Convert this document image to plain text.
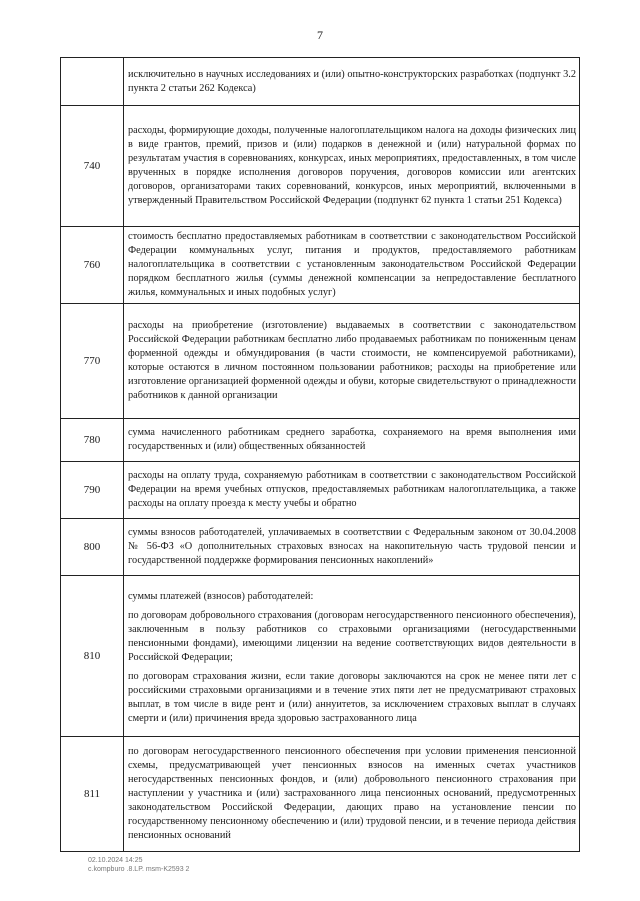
7

	исключительно в научных исследованиях и (или) опытно-конструкторских разработках (подпункт 3.2 пункта 2 статьи 262 Кодекса)

740	расходы, формирующие доходы, полученные налогоплательщиком налога на доходы физических лиц в виде грантов, премий, призов и (или) подарков в денежной и (или) натуральной формах по результатам участия в соревнованиях, конкурсах, иных мероприятиях, предоставленных, в том числе врученных в порядке исполнения договоров поручения, договоров комиссии или агентских договоров, организаторами таких соревнований, конкурсов, иных мероприятий, включенными в утвержденный Правительством Российской Федерации (подпункт 62 пункта 1 статьи 251 Кодекса)

760	стоимость бесплатно предоставляемых работникам в соответствии с законодательством Российской Федерации коммунальных услуг, питания и продуктов, предоставляемого работникам налогоплательщика в соответствии с установленным законодательством Российской Федерации порядком бесплатного жилья (суммы денежной компенсации за непредоставление бесплатного жилья, коммунальных и иных подобных услуг)

770	расходы на приобретение (изготовление) выдаваемых в соответствии с законодательством Российской Федерации работникам бесплатно либо продаваемых работникам по пониженным ценам форменной одежды и обмундирования (в части стоимости, не компенсируемой работниками), которые остаются в личном постоянном пользовании работников; расходы на приобретение или изготовление организацией форменной одежды и обуви, которые свидетельствуют о принадлежности работников к данной организации

780	сумма начисленного работникам среднего заработка, сохраняемого на время выполнения ими государственных и (или) общественных обязанностей

790	расходы на оплату труда, сохраняемую работникам в соответствии с законодательством Российской Федерации на время учебных отпусков, предоставляемых работникам налогоплательщика, а также расходы на оплату проезда к месту учебы и обратно

800	суммы взносов работодателей, уплачиваемых в соответствии с Федеральным законом от 30.04.2008 № 56-ФЗ «О дополнительных страховых взносах на накопительную часть трудовой пенсии и государственной поддержке формирования пенсионных накоплений»

810	суммы платежей (взносов) работодателей:

по договорам добровольного страхования (договорам негосударственного пенсионного обеспечения), заключенным в пользу работников со страховыми организациями (негосударственными пенсионными фондами), имеющими лицензии на ведение соответствующих видов деятельности в Российской Федерации;

по договорам страхования жизни, если такие договоры заключаются на срок не менее пяти лет с российскими страховыми организациями и в течение этих пяти лет не предусматривают страховых выплат, в том числе в виде рент и (или) аннуитетов, за исключением страховых выплат в случаях смерти и (или) причинения вреда здоровью застрахованного лица

811	по договорам негосударственного пенсионного обеспечения при условии применения пенсионной схемы, предусматривающей учет пенсионных взносов на именных счетах участников негосударственных пенсионных фондов, и (или) добровольного пенсионного страхования при наступлении у участника и (или) застрахованного лица пенсионных оснований, предусмотренных законодательством Российской Федерации, дающих право на установление пенсии по государственному пенсионному обеспечению и (или) трудовой пенсии, и в течение периода действия пенсионных оснований

02.10.2024 14:25
c.kompburo .8.LP. msm-K2593 2
